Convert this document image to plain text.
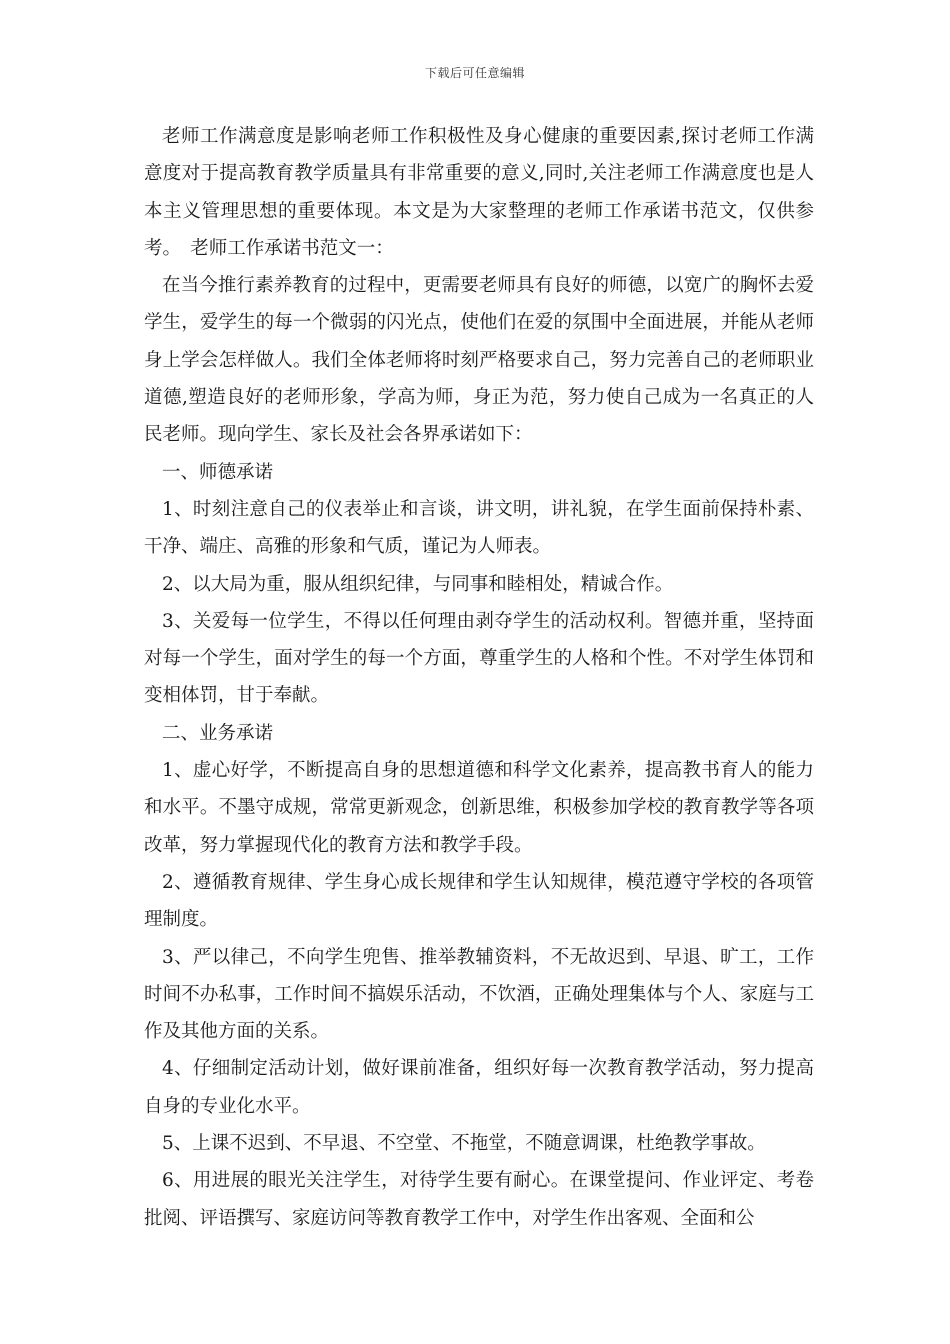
下载后可任意编辑

老师工作满意度是影响老师工作积极性及身心健康的重要因素,探讨老师工作满意度对于提高教育教学质量具有非常重要的意义,同时,关注老师工作满意度也是人本主义管理思想的重要体现。本文是为大家整理的老师工作承诺书范文，仅供参考。　老师工作承诺书范文一：

在当今推行素养教育的过程中，更需要老师具有良好的师德，以宽广的胸怀去爱学生，爱学生的每一个微弱的闪光点，使他们在爱的氛围中全面进展，并能从老师身上学会怎样做人。我们全体老师将时刻严格要求自己，努力完善自己的老师职业道德,塑造良好的老师形象，学高为师，身正为范，努力使自己成为一名真正的人民老师。现向学生、家长及社会各界承诺如下：

一、师德承诺

1、时刻注意自己的仪表举止和言谈，讲文明，讲礼貌，在学生面前保持朴素、干净、端庄、高雅的形象和气质，谨记为人师表。

2、以大局为重，服从组织纪律，与同事和睦相处，精诚合作。

3、关爱每一位学生，不得以任何理由剥夺学生的活动权利。智德并重，坚持面对每一个学生，面对学生的每一个方面，尊重学生的人格和个性。不对学生体罚和变相体罚，甘于奉献。

二、业务承诺

1、虚心好学，不断提高自身的思想道德和科学文化素养，提高教书育人的能力和水平。不墨守成规，常常更新观念，创新思维，积极参加学校的教育教学等各项改革，努力掌握现代化的教育方法和教学手段。

2、遵循教育规律、学生身心成长规律和学生认知规律，模范遵守学校的各项管理制度。

3、严以律己，不向学生兜售、推举教辅资料，不无故迟到、早退、旷工，工作时间不办私事，工作时间不搞娱乐活动，不饮酒，正确处理集体与个人、家庭与工作及其他方面的关系。

4、仔细制定活动计划，做好课前准备，组织好每一次教育教学活动，努力提高自身的专业化水平。

5、上课不迟到、不早退、不空堂、不拖堂，不随意调课，杜绝教学事故。

6、用进展的眼光关注学生，对待学生要有耐心。在课堂提问、作业评定、考卷批阅、评语撰写、家庭访问等教育教学工作中，对学生作出客观、全面和公
